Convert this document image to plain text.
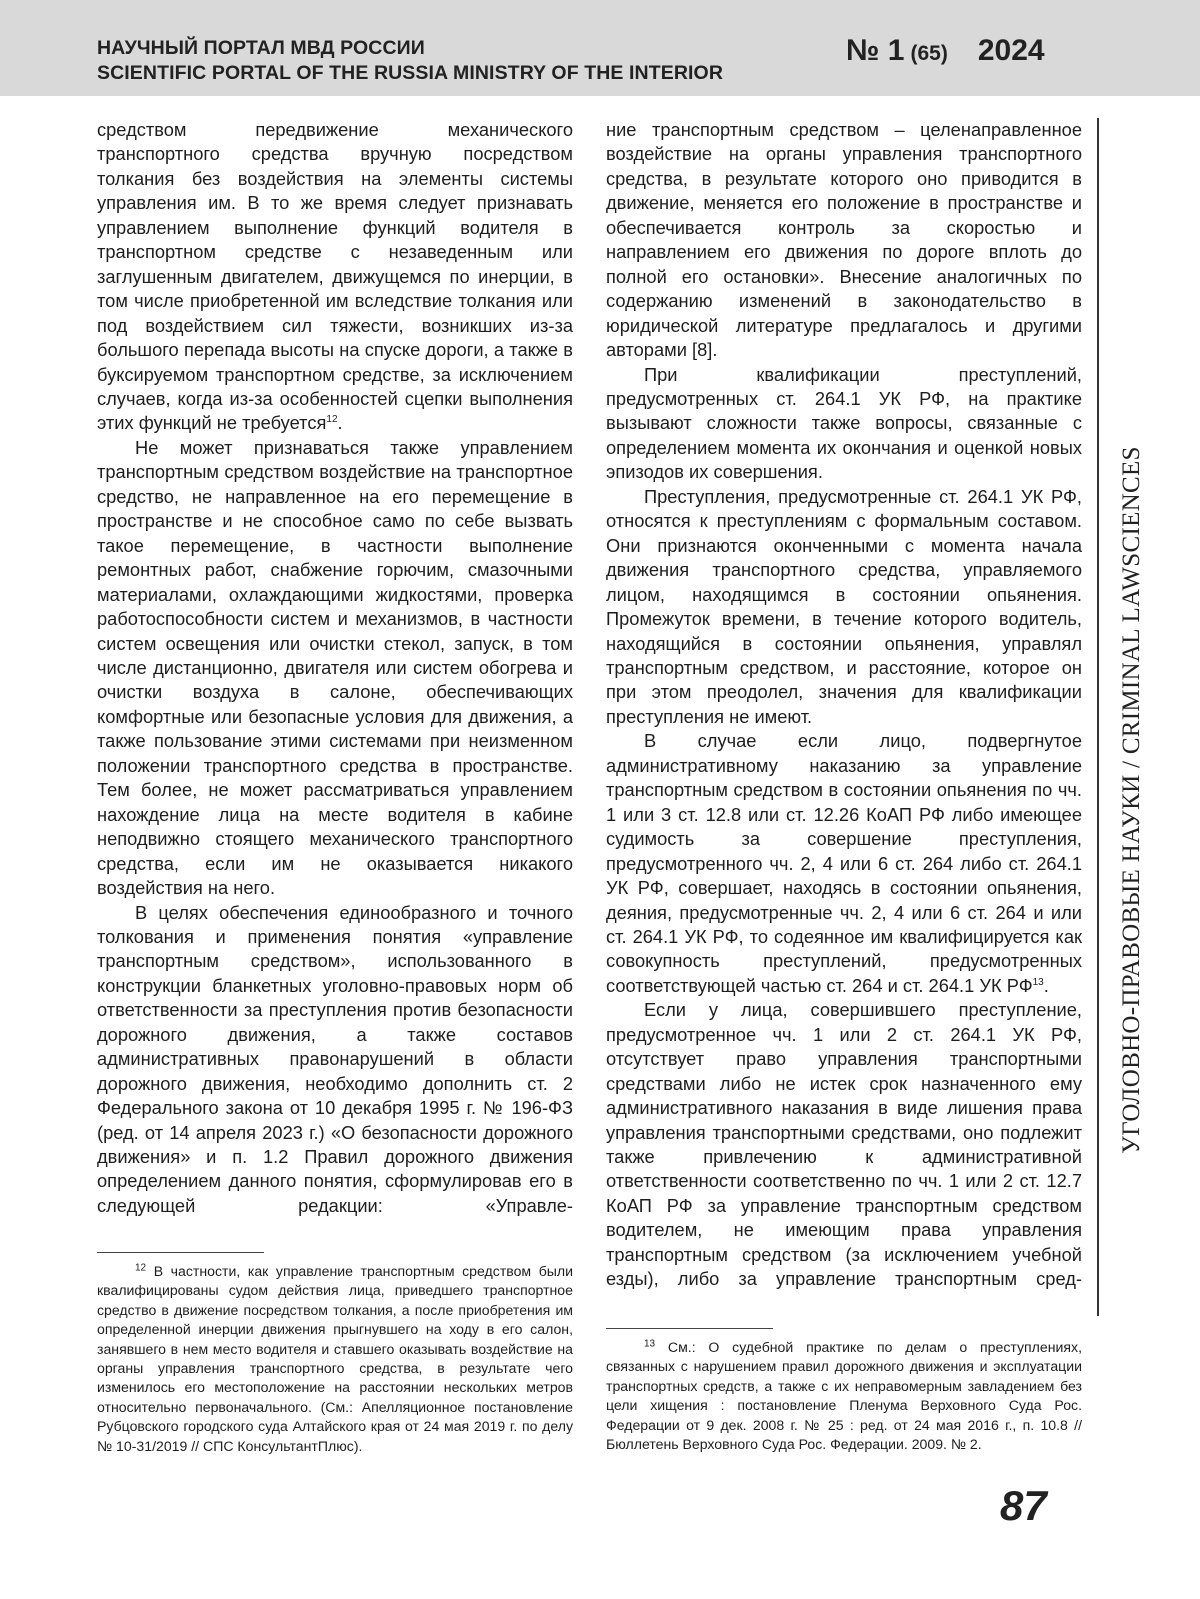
НАУЧНЫЙ ПОРТАЛ МВД РОССИИ
SCIENTIFIC PORTAL OF THE RUSSIA MINISTRY OF THE INTERIOR
№ 1 (65) 2024

средством передвижение механического транспортного средства вручную посредством толкания без воздействия на элементы системы управления им. В то же время следует признавать управлением выполнение функций водителя в транспортном средстве с незаведенным или заглушенным двигателем, движущемся по инерции, в том числе приобретенной им вследствие толкания или под воздействием сил тяжести, возникших из-за большого перепада высоты на спуске дороги, а также в буксируемом транспортном средстве, за исключением случаев, когда из-за особенностей сцепки выполнения этих функций не требуется$^{12}$.

Не может признаваться также управлением транспортным средством воздействие на транспортное средство, не направленное на его перемещение в пространстве и не способное само по себе вызвать такое перемещение, в частности выполнение ремонтных работ, снабжение горючим, смазочными материалами, охлаждающими жидкостями, проверка работоспособности систем и механизмов, в частности систем освещения или очистки стекол, запуск, в том числе дистанционно, двигателя или систем обогрева и очистки воздуха в салоне, обеспечивающих комфортные или безопасные условия для движения, а также пользование этими системами при неизменном положении транспортного средства в пространстве. Тем более, не может рассматриваться управлением нахождение лица на месте водителя в кабине неподвижно стоящего механического транспортного средства, если им не оказывается никакого воздействия на него.

В целях обеспечения единообразного и точного толкования и применения понятия «управление транспортным средством», использованного в конструкции бланкетных уголовно-правовых норм об ответственности за преступления против безопасности дорожного движения, а также составов административных правонарушений в области дорожного движения, необходимо дополнить ст. 2 Федерального закона от 10 декабря 1995 г. № 196-ФЗ (ред. от 14 апреля 2023 г.) «О безопасности дорожного движения» и п. 1.2 Правил дорожного движения определением данного понятия, сформулировав его в следующей редакции: «Управле-

$^{12}$ В частности, как управление транспортным средством были квалифицированы судом действия лица, приведшего транспортное средство в движение посредством толкания, а после приобретения им определенной инерции движения прыгнувшего на ходу в его салон, занявшего в нем место водителя и ставшего оказывать воздействие на органы управления транспортного средства, в результате чего изменилось его местоположение на расстоянии нескольких метров относительно первоначального. (См.: Апелляционное постановление Рубцовского городского суда Алтайского края от 24 мая 2019 г. по делу № 10-31/2019 // СПС КонсультантПлюс).

ние транспортным средством – целенаправленное воздействие на органы управления транспортного средства, в результате которого оно приводится в движение, меняется его положение в пространстве и обеспечивается контроль за скоростью и направлением его движения по дороге вплоть до полной его остановки». Внесение аналогичных по содержанию изменений в законодательство в юридической литературе предлагалось и другими авторами [8].

При квалификации преступлений, предусмотренных ст. 264.1 УК РФ, на практике вызывают сложности также вопросы, связанные с определением момента их окончания и оценкой новых эпизодов их совершения.

Преступления, предусмотренные ст. 264.1 УК РФ, относятся к преступлениям с формальным составом. Они признаются оконченными с момента начала движения транспортного средства, управляемого лицом, находящимся в состоянии опьянения. Промежуток времени, в течение которого водитель, находящийся в состоянии опьянения, управлял транспортным средством, и расстояние, которое он при этом преодолел, значения для квалификации преступления не имеют.

В случае если лицо, подвергнутое административному наказанию за управление транспортным средством в состоянии опьянения по чч. 1 или 3 ст. 12.8 или ст. 12.26 КоАП РФ либо имеющее судимость за совершение преступления, предусмотренного чч. 2, 4 или 6 ст. 264 либо ст. 264.1 УК РФ, совершает, находясь в состоянии опьянения, деяния, предусмотренные чч. 2, 4 или 6 ст. 264 и или ст. 264.1 УК РФ, то содеянное им квалифицируется как совокупность преступлений, предусмотренных соответствующей частью ст. 264 и ст. 264.1 УК РФ$^{13}$.

Если у лица, совершившего преступление, предусмотренное чч. 1 или 2 ст. 264.1 УК РФ, отсутствует право управления транспортными средствами либо не истек срок назначенного ему административного наказания в виде лишения права управления транспортными средствами, оно подлежит также привлечению к административной ответственности соответственно по чч. 1 или 2 ст. 12.7 КоАП РФ за управление транспортным средством водителем, не имеющим права управления транспортным средством (за исключением учебной езды), либо за управление транспортным сред-

$^{13}$ См.: О судебной практике по делам о преступлениях, связанных с нарушением правил дорожного движения и эксплуатации транспортных средств, а также с их неправомерным завладением без цели хищения : постановление Пленума Верховного Суда Рос. Федерации от 9 дек. 2008 г. № 25 : ред. от 24 мая 2016 г., п. 10.8 // Бюллетень Верховного Суда Рос. Федерации. 2009. № 2.

УГОЛОВНО-ПРАВОВЫЕ НАУКИ / CRIMINAL LAWSCIENCES
87
